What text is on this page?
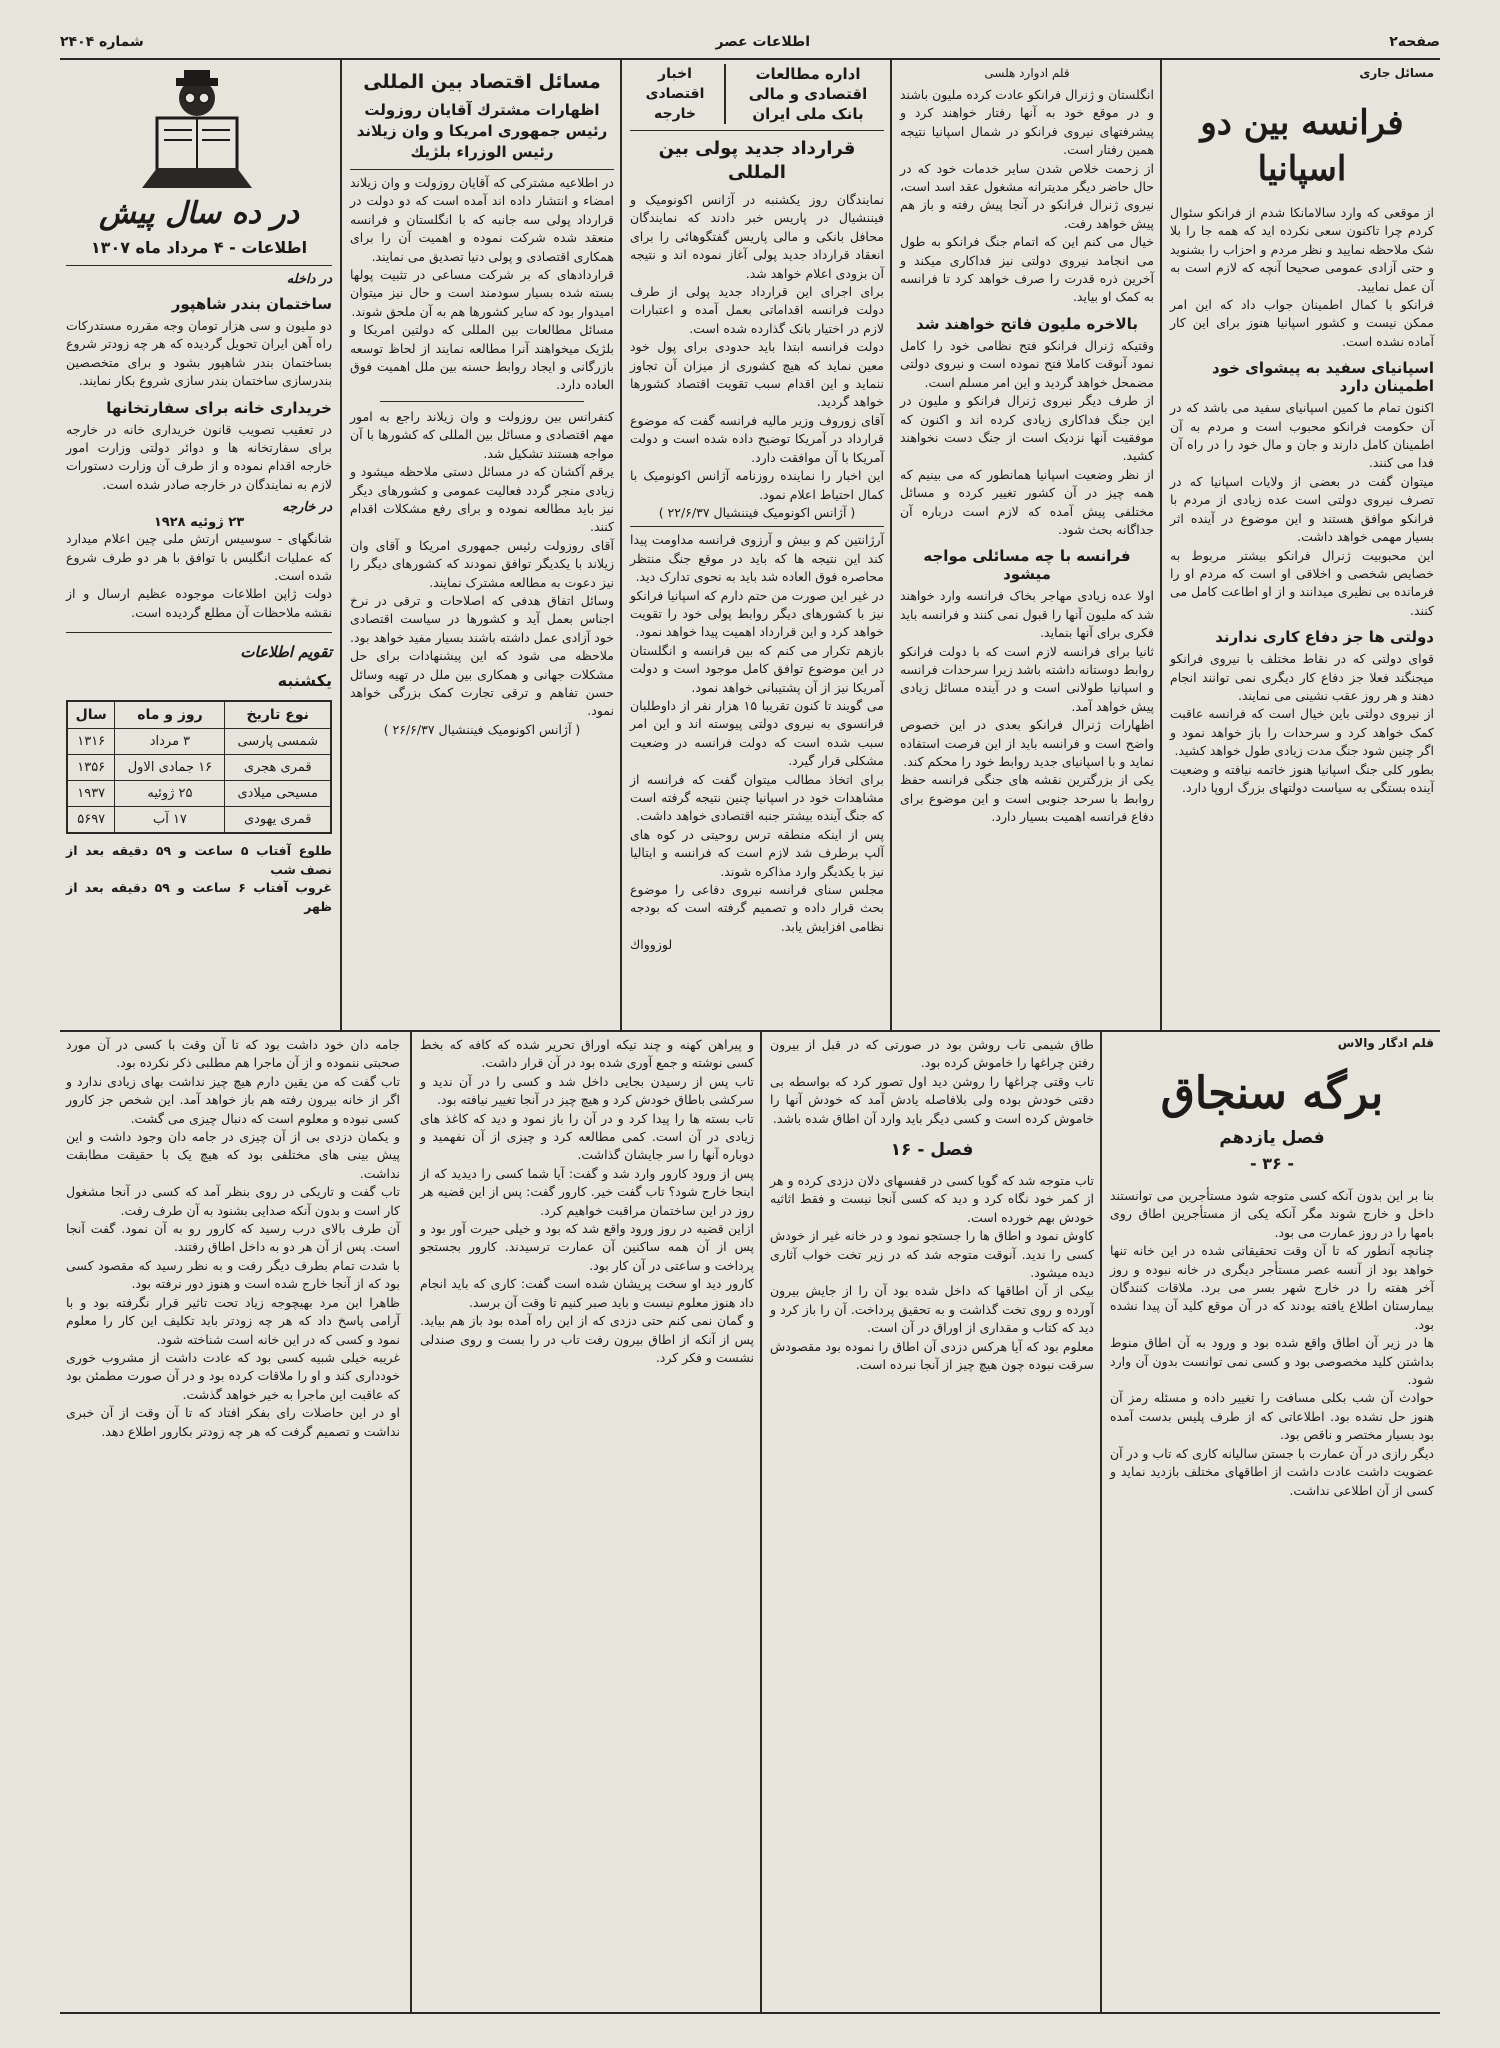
صفحه۲
اطلاعات عصر
شماره ۲۴۰۴
مسائل جاری
فرانسه بین دو اسپانیا

از موقعی که وارد سالامانکا شدم از فرانکو سئوال کردم چرا تاکنون سعی نکرده اید که همه جا را بلا شک ملاحظه نمایید و نظر مردم و احزاب را بشنوید و حتی آزادی عمومی صحیحا آنچه که لازم است به آن عمل نمایید.

فرانکو با کمال اطمینان جواب داد که این امر ممکن نیست و کشور اسپانیا هنوز برای این کار آماده نشده است.

اسپانیای سفید به پیشوای خود اطمینان دارد

اکنون تمام ما کمین اسپانیای سفید می باشد که در آن حکومت فرانکو محبوب است و مردم به آن اطمینان کامل دارند و جان و مال خود را در راه آن فدا می کنند.

میتوان گفت در بعضی از ولایات اسپانیا که در تصرف نیروی دولتی است عده زیادی از مردم با فرانکو موافق هستند و این موضوع در آینده اثر بسیار مهمی خواهد داشت.

این محبوبیت ژنرال فرانکو بیشتر مربوط به خصایص شخصی و اخلاقی او است که مردم او را فرمانده بی نظیری میدانند و از او اطاعت کامل می کنند.

دولتی ها جز دفاع کاری ندارند

قوای دولتی که در نقاط مختلف با نیروی فرانکو میجنگند فعلا جز دفاع کار دیگری نمی توانند انجام دهند و هر روز عقب نشینی می نمایند.

از نیروی دولتی باین خیال است که فرانسه عاقبت کمک خواهد کرد و سرحدات را باز خواهد نمود و اگر چنین شود جنگ مدت زیادی طول خواهد کشید.

بطور کلی جنگ اسپانیا هنوز خاتمه نیافته و وضعیت آینده بستگی به سیاست دولتهای بزرگ اروپا دارد.

قلم ادوارد هلسی

انگلستان و ژنرال فرانکو عادت کرده ملیون باشند و در موقع خود به آنها رفتار خواهند کرد و پیشرفتهای نیروی فرانکو در شمال اسپانیا نتیجه همین رفتار است.

از زحمت خلاص شدن سایر خدمات خود که در حال حاضر دیگر مدیترانه مشغول عقد اسد است، نیروی ژنرال فرانکو در آنجا پیش رفته و باز هم پیش خواهد رفت.

خیال می کنم این که اتمام جنگ فرانکو به طول می انجامد نیروی دولتی نیز فداکاری میکند و آخرین ذره قدرت را صرف خواهد کرد تا فرانسه به کمک او بیاید.

بالاخره ملیون فاتح خواهند شد

وقتیکه ژنرال فرانکو فتح نظامی خود را کامل نمود آنوقت کاملا فتح نموده است و نیروی دولتی مضمحل خواهد گردید و این امر مسلم است.

از طرف دیگر نیروی ژنرال فرانکو و ملیون در این جنگ فداکاری زیادی کرده اند و اکنون که موفقیت آنها نزدیک است از جنگ دست نخواهند کشید.

از نظر وضعیت اسپانیا همانطور که می بینیم که همه چیز در آن کشور تغییر کرده و مسائل مختلفی پیش آمده که لازم است درباره آن جداگانه بحث شود.

فرانسه با چه مسائلی مواجه میشود

اولا عده زیادی مهاجر بخاک فرانسه وارد خواهند شد که ملیون آنها را قبول نمی کنند و فرانسه باید فکری برای آنها بنماید.

ثانیا برای فرانسه لازم است که با دولت فرانکو روابط دوستانه داشته باشد زیرا سرحدات فرانسه و اسپانیا طولانی است و در آینده مسائل زیادی پیش خواهد آمد.

اظهارات ژنرال فرانکو بعدی در این خصوص واضح است و فرانسه باید از این فرصت استفاده نماید و با اسپانیای جدید روابط خود را محکم کند.

یکی از بزرگترین نقشه های جنگی فرانسه حفظ روابط با سرحد جنوبی است و این موضوع برای دفاع فرانسه اهمیت بسیار دارد.

اداره مطالعات اقتصادی و مالی بانک ملی ایران
اخبار اقتصادی خارجه
قرارداد جدید پولی بین المللی

نمایندگان روز یکشنبه در آژانس اکونومیک و فیننشیال در پاریس خبر دادند که نمایندگان محافل بانکی و مالی پاریس گفتگوهائی را برای انعقاد قرارداد جدید پولی آغاز نموده اند و نتیجه آن بزودی اعلام خواهد شد.

برای اجرای این قرارداد جدید پولی از طرف دولت فرانسه اقداماتی بعمل آمده و اعتبارات لازم در اختیار بانک گذارده شده است.

دولت فرانسه ابتدا باید حدودی برای پول خود معین نماید که هیچ کشوری از میزان آن تجاوز ننماید و این اقدام سبب تقویت اقتصاد کشورها خواهد گردید.

آقای زوروف وزیر مالیه فرانسه گفت که موضوع قرارداد در آمریکا توضیح داده شده است و دولت آمریکا با آن موافقت دارد.

این اخبار را نماینده روزنامه آژانس اکونومیک با کمال احتیاط اعلام نمود.

( آژانس اکونومیک فیننشیال ۲۲/۶/۳۷ )

آرژانتین کم و بیش و آرزوی فرانسه مداومت پیدا کند این نتیجه ها که باید در موقع جنگ منتظر محاصره فوق العاده شد باید به نحوی تدارک دید.

در غیر این صورت من حتم دارم که اسپانیا فرانکو نیز با کشورهای دیگر روابط پولی خود را تقویت خواهد کرد و این قرارداد اهمیت پیدا خواهد نمود.

بازهم تکرار می کنم که بین فرانسه و انگلستان در این موضوع توافق کامل موجود است و دولت آمریکا نیز از آن پشتیبانی خواهد نمود.

می گویند تا کنون تقریبا ۱۵ هزار نفر از داوطلبان فرانسوی به نیروی دولتی پیوسته اند و این امر سبب شده است که دولت فرانسه در وضعیت مشکلی قرار گیرد.

برای اتخاذ مطالب میتوان گفت که فرانسه از مشاهدات خود در اسپانیا چنین نتیجه گرفته است که جنگ آینده بیشتر جنبه اقتصادی خواهد داشت.

پس از اینکه منطقه ترس روحیتی در کوه های آلپ برطرف شد لازم است که فرانسه و ایتالیا نیز با یکدیگر وارد مذاکره شوند.

مجلس سنای فرانسه نیروی دفاعی را موضوع بحث قرار داده و تصمیم گرفته است که بودجه نظامی افزایش یابد.

لوزوواك

مسائل اقتصاد بین المللی
اظهارات مشترك آقایان روزولت رئیس جمهوری امریکا و وان زیلاند رئیس الوزراء بلژیك

در اطلاعیه مشترکی که آقایان روزولت و وان زیلاند امضاء و انتشار داده اند آمده است که دو دولت در قرارداد پولی سه جانبه که با انگلستان و فرانسه منعقد شده شرکت نموده و اهمیت آن را برای همکاری اقتصادی و پولی دنیا تصدیق می نمایند.

قراردادهای که بر شرکت مساعی در تثبیت پولها بسته شده بسیار سودمند است و حال نیز میتوان امیدوار بود که سایر کشورها هم به آن ملحق شوند.

مسائل مطالعات بین المللی که دولتین امریکا و بلژیک میخواهند آنرا مطالعه نمایند از لحاظ توسعه بازرگانی و ایجاد روابط حسنه بین ملل اهمیت فوق العاده دارد.

کنفرانس بین روزولت و وان زیلاند راجع به امور مهم اقتصادی و مسائل بین المللی که کشورها با آن مواجه هستند تشکیل شد.

یرقم آکشان که در مسائل دستی ملاحظه میشود و زیادی منجر گردد فعالیت عمومی و کشورهای دیگر نیز باید مطالعه نموده و برای رفع مشکلات اقدام کنند.

آقای روزولت رئیس جمهوری امریکا و آقای وان زیلاند با یکدیگر توافق نمودند که کشورهای دیگر را نیز دعوت به مطالعه مشترک نمایند.

وسائل اتفاق هدفی که اصلاحات و ترقی در نرخ اجناس بعمل آید و کشورها در سیاست اقتصادی خود آزادی عمل داشته باشند بسیار مفید خواهد بود.

ملاحظه می شود که این پیشنهادات برای حل مشکلات جهانی و همکاری بین ملل در تهیه وسائل حسن تفاهم و ترقی تجارت کمک بزرگی خواهد نمود.

( آژانس اکونومیک فیننشیال ۲۶/۶/۳۷ )

در ده سال پیش
اطلاعات - ۴ مرداد ماه ۱۳۰۷
در داخله
ساختمان بندر شاهپور

دو ملیون و سی هزار تومان وجه مقرره مستدرکات راه آهن ایران تحویل گردیده که هر چه زودتر شروع بساختمان بندر شاهپور بشود و برای متخصصین بندرسازی ساختمان بندر سازی شروع بکار نمایند.

خریداری خانه برای سفارتخانها

در تعقیب تصویب قانون خریداری خانه در خارجه برای سفارتخانه ها و دوائر دولتی وزارت امور خارجه اقدام نموده و از طرف آن وزارت دستورات لازم به نمایندگان در خارجه صادر شده است.

در خارجه
۲۳ ژوئیه ۱۹۲۸

شانگهای - سوسیس ارتش ملی چین اعلام میدارد که عملیات انگلیس با توافق با هر دو طرف شروع شده است.

دولت ژاپن اطلاعات موجوده عظیم ارسال و از نقشه ملاحظات آن مطلع گردیده است.

تقویم اطلاعات
یکشنبه
نوع تاریخ	روز و ماه	سال
شمسی پارسی	۳ مرداد	۱۳۱۶
قمری هجری	۱۶ جمادی الاول	۱۳۵۶
مسیحی میلادی	۲۵ ژوئیه	۱۹۳۷
قمری یهودی	۱۷ آب	۵۶۹۷

طلوع آفتاب ۵ ساعت و ۵۹ دقیقه بعد از نصف شب

غروب آفتاب ۶ ساعت و ۵۹ دقیقه بعد از ظهر

قلم ادگار والاس
برگه سنجاق
فصل یازدهم
- ۳۶ -

بنا بر این بدون آنکه کسی متوجه شود مستأجرین می توانستند داخل و خارج شوند مگر آنکه یکی از مستأجرین اطاق روی بامها را در روز عمارت می بود.

چنانچه آنطور که تا آن وقت تحقیقاتی شده در این خانه تنها خواهد بود از آنسه عصر مستأجر دیگری در خانه نبوده و روز آخر هفته را در خارج شهر بسر می برد. ملاقات کنندگان بیمارستان اطلاع یافته بودند که در آن موقع کلید آن پیدا نشده بود.

ها در زیر آن اطاق واقع شده بود و ورود به آن اطاق منوط بداشتن کلید مخصوصی بود و کسی نمی توانست بدون آن وارد شود.

حوادث آن شب بکلی مسافت را تغییر داده و مسئله رمز آن هنوز حل نشده بود. اطلاعاتی که از طرف پلیس بدست آمده بود بسیار مختصر و ناقص بود.

دیگر رازی در آن عمارت با جستن سالیانه کاری که تاب و در آن عضویت داشت عادت داشت از اطاقهای مختلف بازدید نماید و کسی از آن اطلاعی نداشت.

طاق شیمی تاب روشن بود در صورتی که در قبل از بیرون رفتن چراغها را خاموش کرده بود.

تاب وقتی چراغها را روشن دید اول تصور کرد که بواسطه بی دقتی خودش بوده ولی بلافاصله یادش آمد که خودش آنها را خاموش کرده است و کسی دیگر باید وارد آن اطاق شده باشد.

فصل - ۱۶

تاب متوجه شد که گویا کسی در قفسهای دلان دزدی کرده و هر از کمر خود نگاه کرد و دید که کسی آنجا نیست و فقط اثاثیه خودش بهم خورده است.

کاوش نمود و اطاق ها را جستجو نمود و در خانه غیر از خودش کسی را ندید. آنوقت متوجه شد که در زیر تخت خواب آثاری دیده میشود.

بیکی از آن اطاقها که داخل شده بود آن را از جایش بیرون آورده و روی تخت گذاشت و به تحقیق پرداخت. آن را باز کرد و دید که کتاب و مقداری از اوراق در آن است.

معلوم بود که آیا هرکس دزدی آن اطاق را نموده بود مقصودش سرقت نبوده چون هیچ چیز از آنجا نبرده است.

و پیراهن کهنه و چند تیکه اوراق تحریر شده که کافه که بخط کسی نوشته و جمع آوری شده بود در آن قرار داشت.

تاب پس از رسیدن بجایی داخل شد و کسی را در آن ندید و سرکشی باطاق خودش کرد و هیچ چیز در آنجا تغییر نیافته بود.

تاب بسته ها را پیدا کرد و در آن را باز نمود و دید که کاغذ های زیادی در آن است. کمی مطالعه کرد و چیزی از آن نفهمید و دوباره آنها را سر جایشان گذاشت.

پس از ورود کارور وارد شد و گفت: آیا شما کسی را دیدید که از اینجا خارج شود؟ تاب گفت خیر. کارور گفت: پس از این قضیه هر روز در این ساختمان مراقبت خواهیم کرد.

ازاین قضیه در روز ورود واقع شد که بود و خیلی حیرت آور بود و پس از آن همه ساکنین آن عمارت ترسیدند. کارور بجستجو پرداخت و ساعتی در آن کار بود.

کارور دید او سخت پریشان شده است گفت: کاری که باید انجام داد هنوز معلوم نیست و باید صبر کنیم تا وقت آن برسد.

و گمان نمی کنم حتی دزدی که از این راه آمده بود باز هم بیاید. پس از آنکه از اطاق بیرون رفت تاب در را بست و روی صندلی نشست و فکر کرد.

جامه دان خود داشت بود که تا آن وقت با کسی در آن مورد صحبتی ننموده و از آن ماجرا هم مطلبی ذکر نکرده بود.

تاب گفت که من یقین دارم هیچ چیز نداشت بهای زیادی ندارد و اگر از خانه بیرون رفته هم باز خواهد آمد. این شخص جز کارور کسی نبوده و معلوم است که دنبال چیزی می گشت.

و یکمان دزدی بی از آن چیزی در جامه دان وجود داشت و این پیش بینی های مختلفی بود که هیچ یک با حقیقت مطابقت نداشت.

تاب گفت و تاریکی در روی بنظر آمد که کسی در آنجا مشغول کار است و بدون آنکه صدایی بشنود به آن طرف رفت.

آن طرف بالای درب رسید که کارور رو به آن نمود. گفت آنجا است. پس از آن هر دو به داخل اطاق رفتند.

با شدت تمام بطرف دیگر رفت و به نظر رسید که مقصود کسی بود که از آنجا خارج شده است و هنوز دور نرفته بود.

ظاهرا این مرد بهیچوجه زیاد تحت تاثیر قرار نگرفته بود و با آرامی پاسخ داد که هر چه زودتر باید تکلیف این کار را معلوم نمود و کسی که در این خانه است شناخته شود.

غریبه خیلی شبیه کسی بود که عادت داشت از مشروب خوری خودداری کند و او را ملاقات کرده بود و در آن صورت مطمئن بود که عاقبت این ماجرا به خیر خواهد گذشت.

او در این حاصلات رای بفکر افتاد که تا آن وقت از آن خبری نداشت و تصمیم گرفت که هر چه زودتر بکارور اطلاع دهد.
